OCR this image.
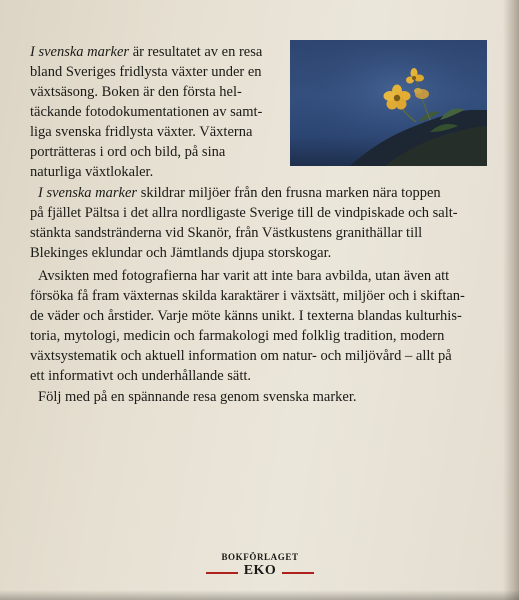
I svenska marker är resultatet av en resa
bland Sveriges fridlysta växter under en
växtsäsong. Boken är den första hel-
täckande fotodokumentationen av samt-
liga svenska fridlysta växter. Växterna
porträtteras i ord och bild, på sina
naturliga växtlokaler.
I svenska marker skildrar miljöer från den frusna marken nära toppen
på fjället Pältsa i det allra nordligaste Sverige till de vindpiskade och salt-
stänkta sandstränderna vid Skanör, från Västkustens granithällar till
Blekinges eklundar och Jämtlands djupa storskogar.
Avsikten med fotografierna har varit att inte bara avbilda, utan även att
försöka få fram växternas skilda karaktärer i växtsätt, miljöer och i skiftan-
de väder och årstider. Varje möte känns unikt. I texterna blandas kulturhis-
toria, mytologi, medicin och farmakologi med folklig tradition, modern
växtsystematik och aktuell information om natur- och miljövård – allt på
ett informativt och underhållande sätt.
Följ med på en spännande resa genom svenska marker.
BOKFÖRLAGET
EKO
